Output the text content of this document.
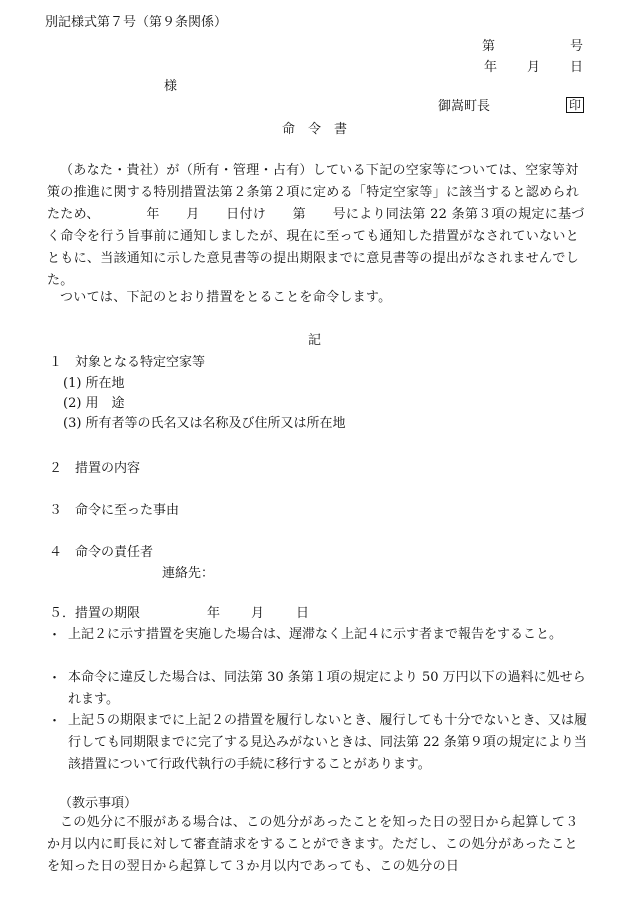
別記様式第７号（第９条関係）
第	号
年 月 日
様
御嵩町長	印
命　令　書
（あなた・貴社）が（所有・管理・占有）している下記の空家等については、空家等対策の推進に関する特別措置法第２条第２項に定める「特定空家等」に該当すると認められたため、　　　　年　　月　　日付け　　第　　号により同法第 22 条第３項の規定に基づく命令を行う旨事前に通知しましたが、現在に至っても通知した措置がなされていないとともに、当該通知に示した意見書等の提出期限までに意見書等の提出がなされませんでした。
ついては、下記のとおり措置をとることを命令します。
記
１　対象となる特定空家等
(1) 所在地
(2) 用　途
(3) 所有者等の氏名又は名称及び住所又は所在地
２　措置の内容
３　命令に至った事由
４　命令の責任者
連絡先：
５．措置の期限	年 月 日
・ 上記２に示す措置を実施した場合は、遅滞なく上記４に示す者まで報告をすること。
・ 本命令に違反した場合は、同法第 30 条第１項の規定により 50 万円以下の過料に処せられます。
・ 上記５の期限までに上記２の措置を履行しないとき、履行しても十分でないとき、又は履行しても同期限までに完了する見込みがないときは、同法第 22 条第９項の規定により当該措置について行政代執行の手続に移行することがあります。
（教示事項）
この処分に不服がある場合は、この処分があったことを知った日の翌日から起算して３か月以内に町長に対して審査請求をすることができます。ただし、この処分があったことを知った日の翌日から起算して３か月以内であっても、この処分の日
